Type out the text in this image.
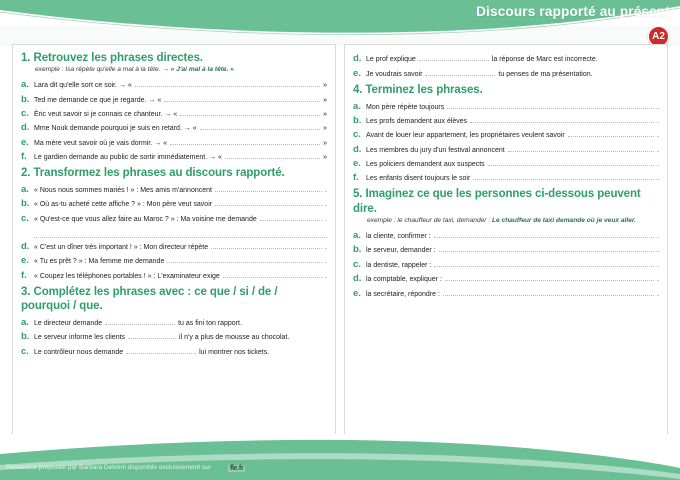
Discours rapporté au présent
A2
1. Retrouvez les phrases directes.
exemple : Isa répète qu'elle a mal à la tête. → « J'ai mal à la tête. »
a. Lara dit qu'elle sort ce soir. → «	»
b. Ted me demande ce que je regarde. → «	»
c. Éric veut savoir si je connais ce chanteur. → «	»
d. Mme Nouk demande pourquoi je suis en retard. → «	»
e. Ma mère veut savoir où je vais dormir. → «	»
f.	Le gardien demande au public de sortir immédiatement. → «	»
2. Transformez les phrases au discours rapporté.
a. « Nous nous sommes mariés ! » : Mes amis m'annoncent	.
b. « Où as-tu acheté cette affiche ? » : Mon père veut savoir	.
c. « Qu'est-ce que vous allez faire au Maroc ? » : Ma voisine me demande	.
d. « C'est un dîner très important ! » : Mon directeur répète	.
e. « Tu es prêt ? » : Ma femme me demande	.
f.	« Coupez les téléphones portables ! » : L'examinateur exige	.
3. Complétez les phrases avec : ce que / si / de / pourquoi / que.
a. Le directeur demande	tu as fini ton rapport.
b. Le serveur informe les clients	il n'y a plus de mousse au chocolat.
c. Le contrôleur nous demande	lui montrer nos tickets.
d. Le prof explique	la réponse de Marc est incorrecte.
e. Je voudrais savoir	tu penses de ma présentation.
4. Terminez les phrases.
a. Mon père répète toujours	.
b. Les profs demandent aux élèves	.
c. Avant de louer leur appartement, les propriétaires veulent savoir	.
d. Les membres du jury d'un festival annoncent	.
e. Les policiers demandent aux suspects	.
f.	Les enfants disent toujours le soir	.
5. Imaginez ce que les personnes ci-dessous peuvent dire.
exemple : le chauffeur de taxi, demander : Le chauffeur de taxi demande où je veux aller.
a. la cliente, confirmer :	.
b. le serveur, demander :	.
c. la dentiste, rappeler :	.
d. la comptable, expliquer :	.
e. la secrétaire, répondre :	.
Ressource proposée par Barbara Delvem disponible exclusivement sur	fle.fr
